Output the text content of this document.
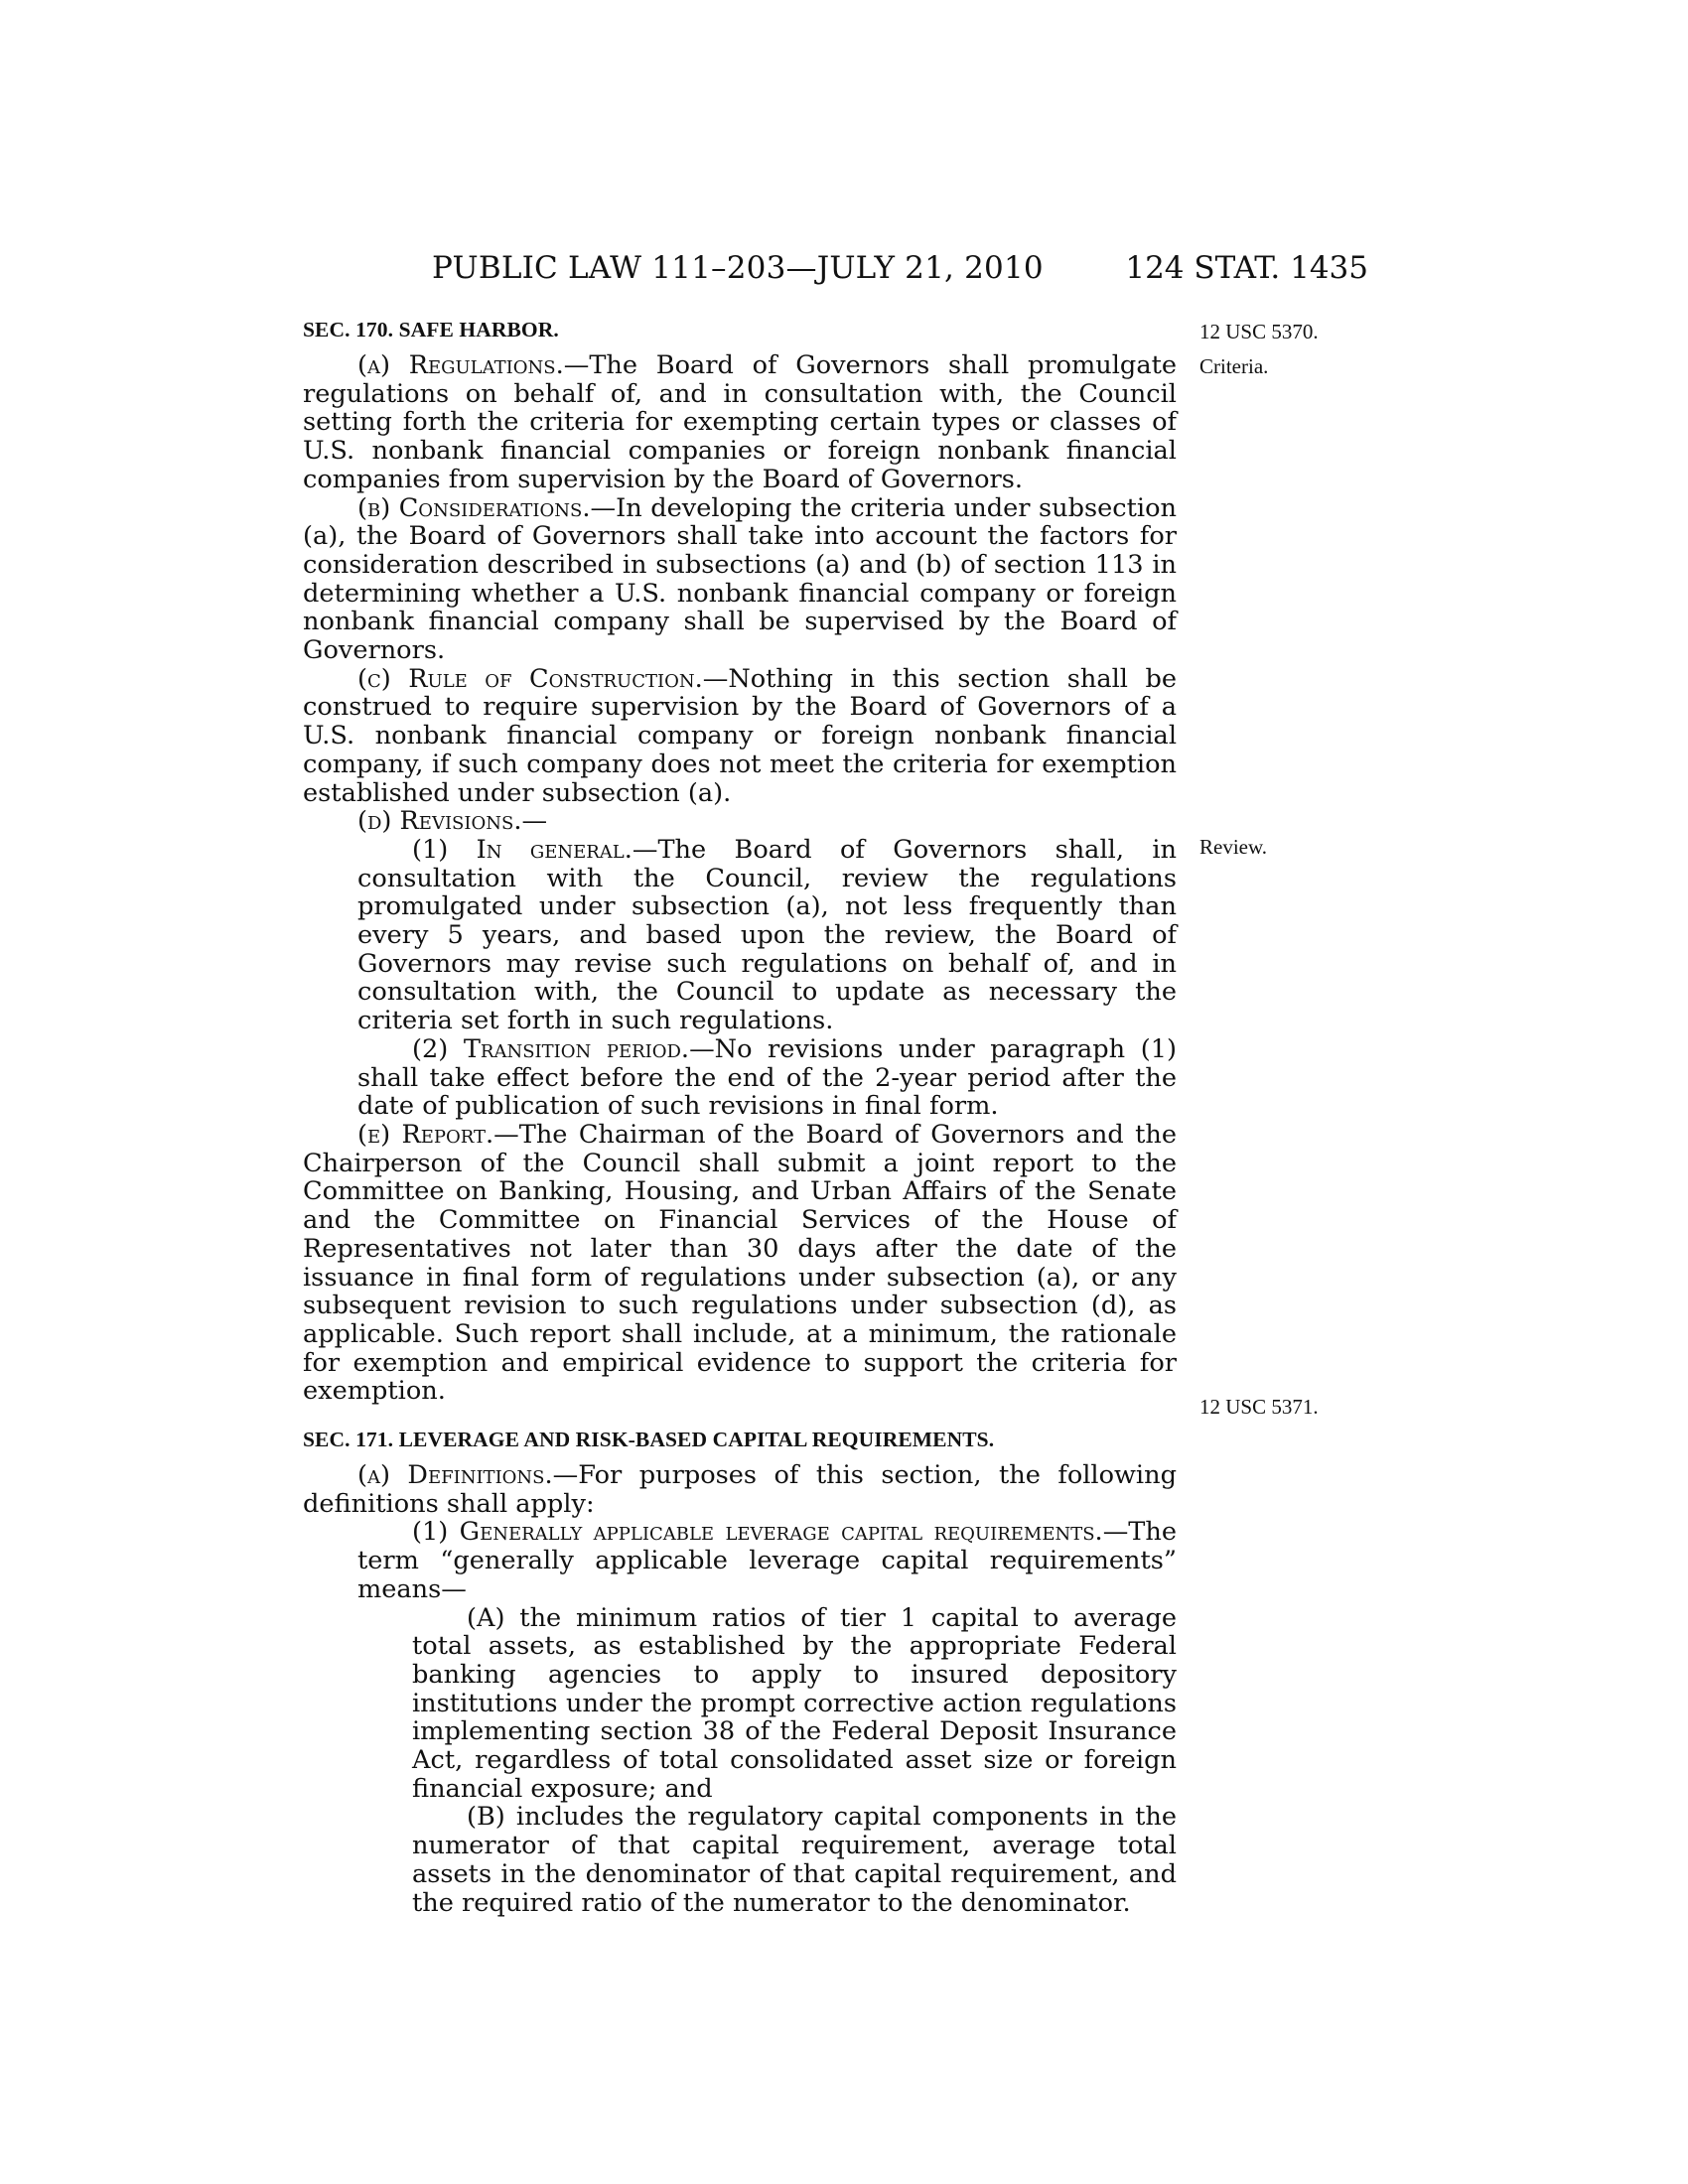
PUBLIC LAW 111–203—JULY 21, 2010	124 STAT. 1435
12 USC 5370.
Criteria.
Review.
12 USC 5371.
SEC. 170. SAFE HARBOR.

(a) Regulations.—The Board of Governors shall promulgate regulations on behalf of, and in consultation with, the Council setting forth the criteria for exempting certain types or classes of U.S. nonbank financial companies or foreign nonbank financial companies from supervision by the Board of Governors.

(b) Considerations.—In developing the criteria under subsection (a), the Board of Governors shall take into account the factors for consideration described in subsections (a) and (b) of section 113 in determining whether a U.S. nonbank financial company or foreign nonbank financial company shall be supervised by the Board of Governors.

(c) Rule of Construction.—Nothing in this section shall be construed to require supervision by the Board of Governors of a U.S. nonbank financial company or foreign nonbank financial company, if such company does not meet the criteria for exemption established under subsection (a).

(d) Revisions.—

(1) In general.—The Board of Governors shall, in consultation with the Council, review the regulations promulgated under subsection (a), not less frequently than every 5 years, and based upon the review, the Board of Governors may revise such regulations on behalf of, and in consultation with, the Council to update as necessary the criteria set forth in such regulations.

(2) Transition period.—No revisions under paragraph (1) shall take effect before the end of the 2-year period after the date of publication of such revisions in final form.

(e) Report.—The Chairman of the Board of Governors and the Chairperson of the Council shall submit a joint report to the Committee on Banking, Housing, and Urban Affairs of the Senate and the Committee on Financial Services of the House of Representatives not later than 30 days after the date of the issuance in final form of regulations under subsection (a), or any subsequent revision to such regulations under subsection (d), as applicable. Such report shall include, at a minimum, the rationale for exemption and empirical evidence to support the criteria for exemption.

SEC. 171. LEVERAGE AND RISK-BASED CAPITAL REQUIREMENTS.

(a) Definitions.—For purposes of this section, the following definitions shall apply:

(1) Generally applicable leverage capital requirements.—The term “generally applicable leverage capital requirements” means—

(A) the minimum ratios of tier 1 capital to average total assets, as established by the appropriate Federal banking agencies to apply to insured depository institutions under the prompt corrective action regulations implementing section 38 of the Federal Deposit Insurance Act, regardless of total consolidated asset size or foreign financial exposure; and

(B) includes the regulatory capital components in the numerator of that capital requirement, average total assets in the denominator of that capital requirement, and the required ratio of the numerator to the denominator.
